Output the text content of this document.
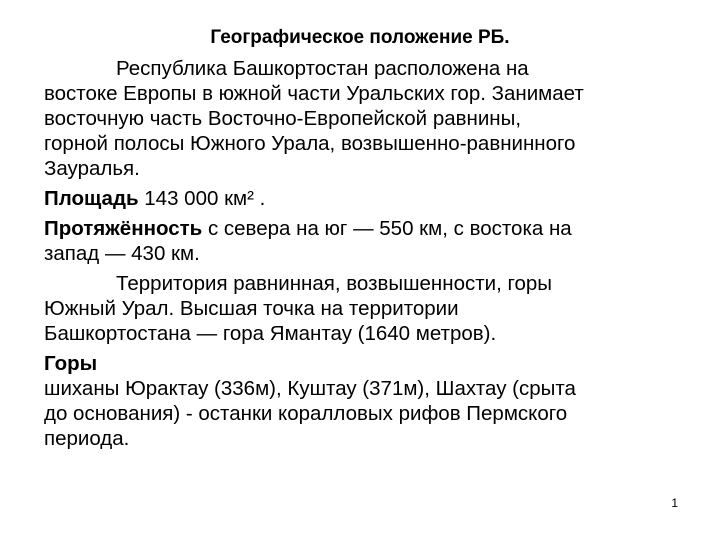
Географическое положение РБ.

Республика Башкортостан расположена на
востоке Европы в южной части Уральских гор. Занимает
восточную часть Восточно-Европейской равнины,
горной полосы Южного Урала, возвышенно-равнинного
Зауралья.

Площадь 143 000 км² .

Протяжённость с севера на юг — 550 км, с востока на
запад — 430 км.

Территория равнинная, возвышенности, горы
Южный Урал. Высшая точка на территории
Башкортостана — гора Ямантау (1640 метров).

Горы
шиханы Юрактау (336м), Куштау (371м), Шахтау (срыта
до основания) - останки коралловых рифов Пермского
периода.

1
